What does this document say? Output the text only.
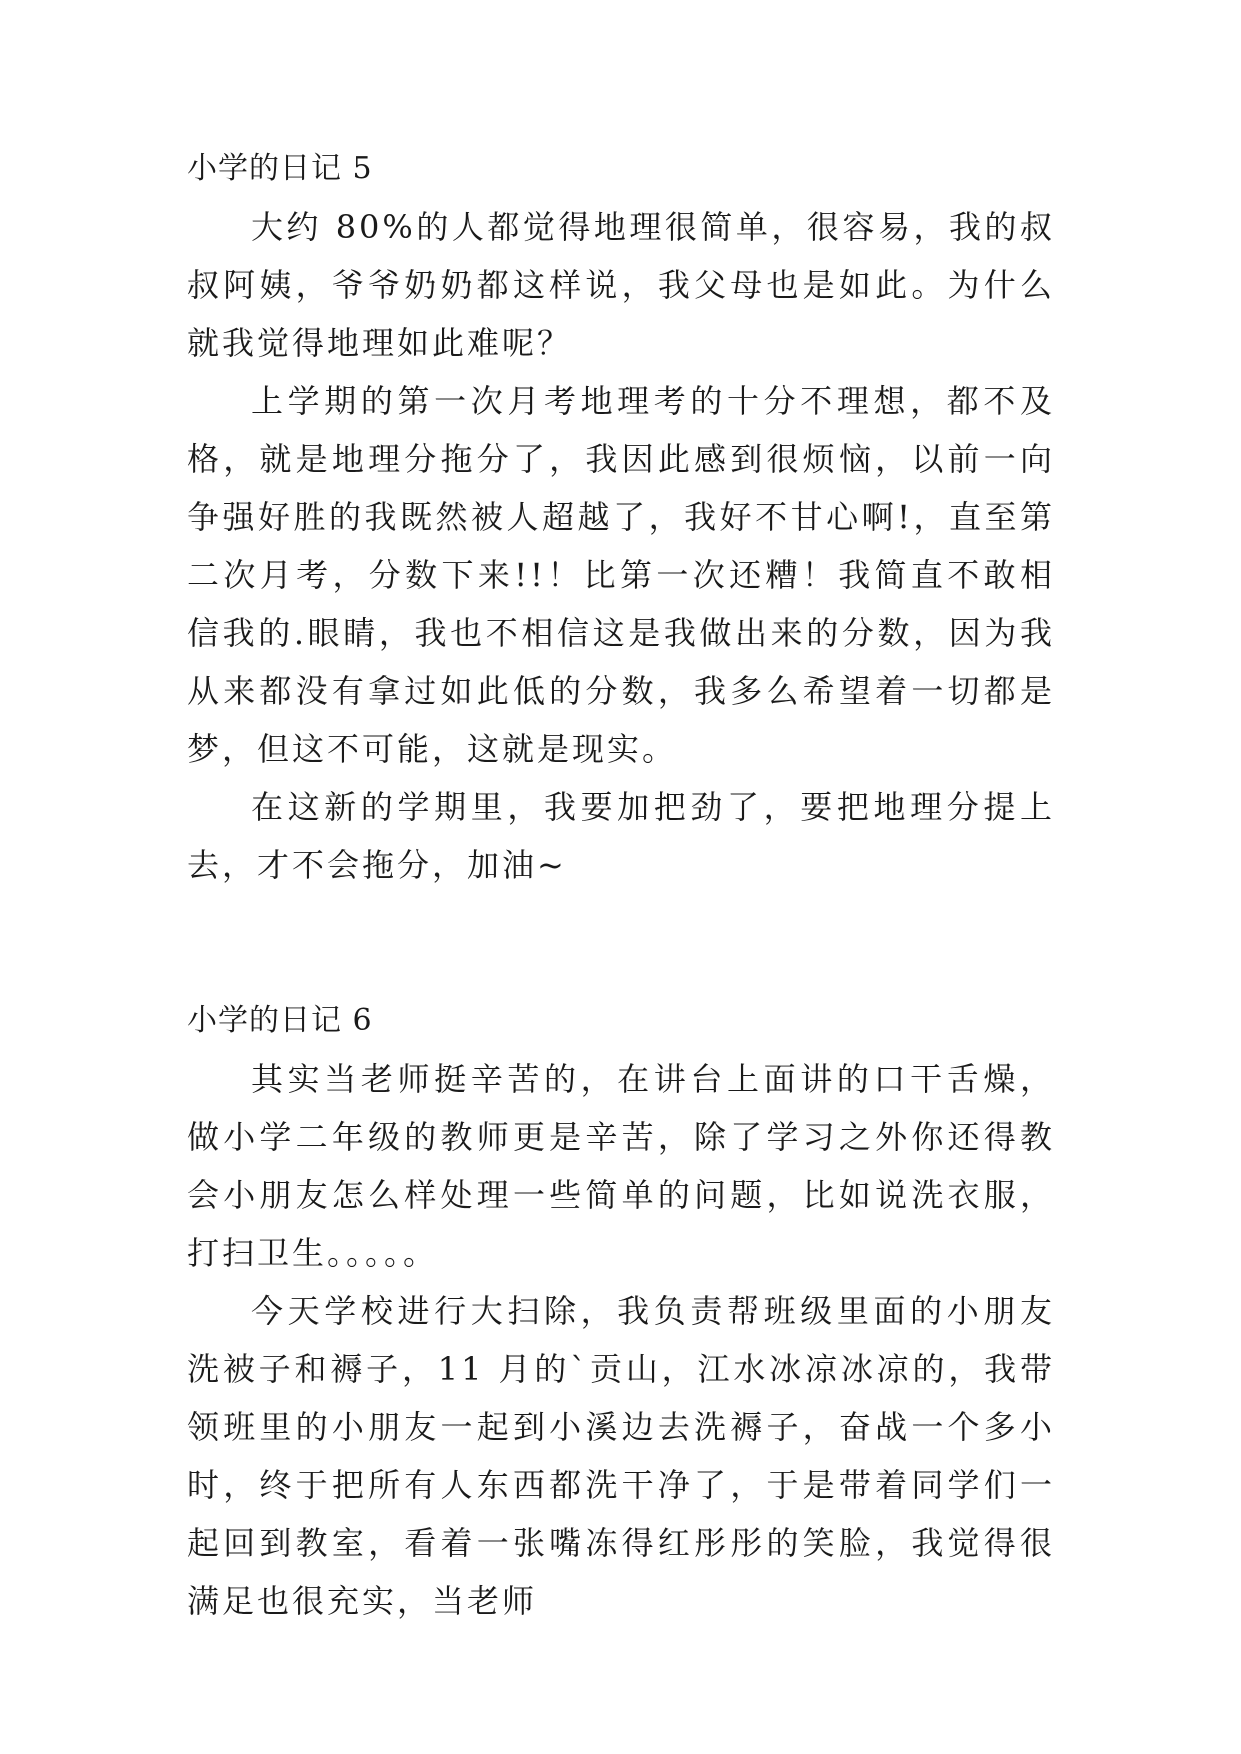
小学的日记 5

大约 80%的人都觉得地理很简单，很容易，我的叔叔阿姨，爷爷奶奶都这样说，我父母也是如此。为什么就我觉得地理如此难呢？

上学期的第一次月考地理考的十分不理想，都不及格，就是地理分拖分了，我因此感到很烦恼，以前一向争强好胜的我既然被人超越了，我好不甘心啊!，直至第二次月考，分数下来!!！比第一次还糟！我简直不敢相信我的.眼睛，我也不相信这是我做出来的分数，因为我从来都没有拿过如此低的分数，我多么希望着一切都是梦，但这不可能，这就是现实。

在这新的学期里，我要加把劲了，要把地理分提上去，才不会拖分，加油~

小学的日记 6

其实当老师挺辛苦的，在讲台上面讲的口干舌燥，做小学二年级的教师更是辛苦，除了学习之外你还得教会小朋友怎么样处理一些简单的问题，比如说洗衣服，打扫卫生。。。。。

今天学校进行大扫除，我负责帮班级里面的小朋友洗被子和褥子，11 月的`贡山，江水冰凉冰凉的，我带领班里的小朋友一起到小溪边去洗褥子，奋战一个多小时，终于把所有人东西都洗干净了，于是带着同学们一起回到教室，看着一张嘴冻得红彤彤的笑脸，我觉得很满足也很充实，当老师
